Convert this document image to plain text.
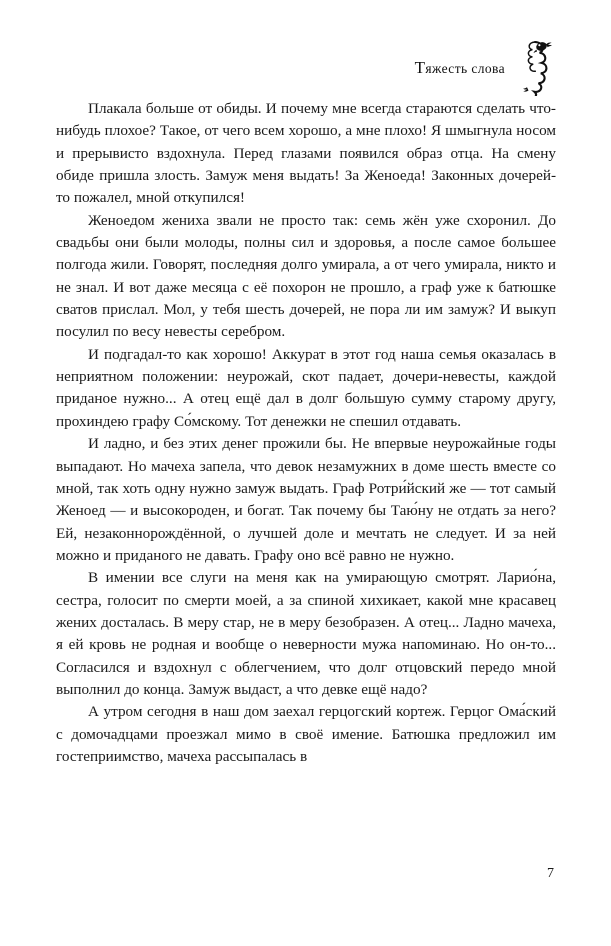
Тяжесть слова

Плакала больше от обиды. И почему мне всегда стараются сделать что-нибудь плохое? Такое, от чего всем хорошо, а мне плохо! Я шмыгнула носом и прерывисто вздохнула. Перед глазами появился образ отца. На смену обиде пришла злость. Замуж меня выдать! За Женоеда! Законных дочерей-то пожалел, мной откупился!

Женоедом жениха звали не просто так: семь жён уже схоронил. До свадьбы они были молоды, полны сил и здоровья, а после самое большее полгода жили. Говорят, последняя долго умирала, а от чего умирала, никто и не знал. И вот даже месяца с её похорон не прошло, а граф уже к батюшке сватов прислал. Мол, у тебя шесть дочерей, не пора ли им замуж? И выкуп посулил по весу невесты серебром.

И подгадал-то как хорошо! Аккурат в этот год наша семья оказалась в неприятном положении: неурожай, скот падает, дочери-невесты, каждой приданое нужно... А отец ещё дал в долг большую сумму старому другу, прохиндею графу Со́мскому. Тот денежки не спешил отдавать.

И ладно, и без этих денег прожили бы. Не впервые неурожайные годы выпадают. Но мачеха запела, что девок незамужних в доме шесть вместе со мной, так хоть одну нужно замуж выдать. Граф Ротри́йский же — тот самый Женоед — и высокороден, и богат. Так почему бы Таю́ну не отдать за него? Ей, незаконнорождённой, о лучшей доле и мечтать не следует. И за ней можно и приданого не давать. Графу оно всё равно не нужно.

В имении все слуги на меня как на умирающую смотрят. Ларио́на, сестра, голосит по смерти моей, а за спиной хихикает, какой мне красавец жених досталась. В меру стар, не в меру безобразен. А отец... Ладно мачеха, я ей кровь не родная и вообще о неверности мужа напоминаю. Но он-то... Согласился и вздохнул с облегчением, что долг отцовский передо мной выполнил до конца. Замуж выдаст, а что девке ещё надо?

А утром сегодня в наш дом заехал герцогский кортеж. Герцог Ома́ский с домочадцами проезжал мимо в своё имение. Батюшка предложил им гостеприимство, мачеха рассыпалась в

7
